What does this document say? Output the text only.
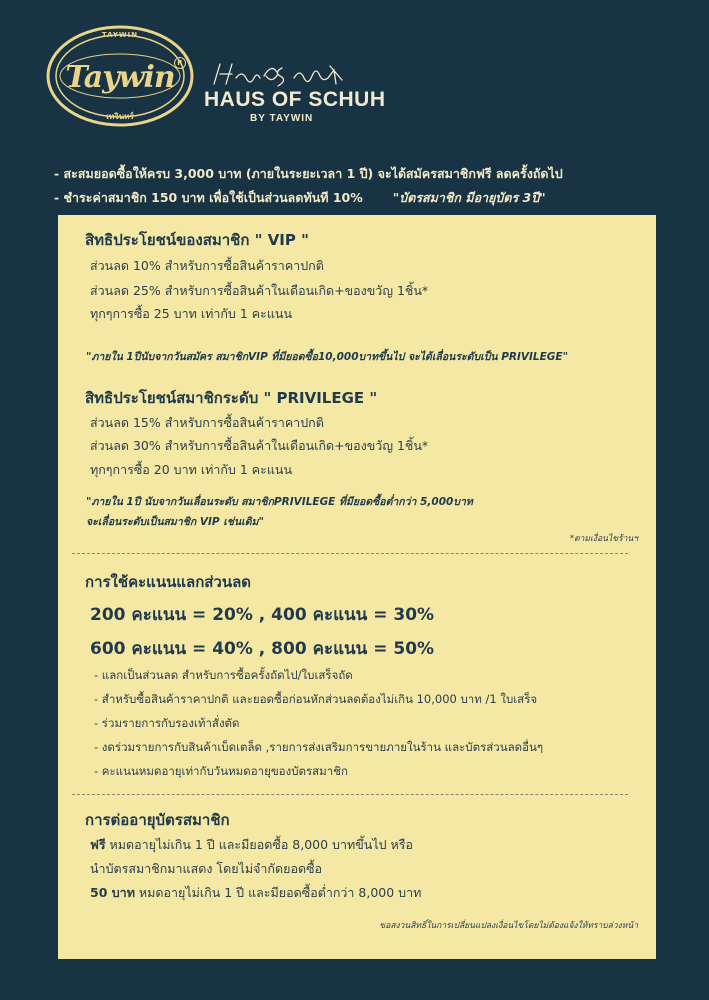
TAYWIN
Taywin R
เทวินทร์
HAUS OF SCHUH
BY TAYWIN
- สะสมยอดซื้อให้ครบ 3,000 บาท (ภายในระยะเวลา 1 ปี) จะได้สมัครสมาชิกฟรี ลดครั้งถัดไป
- ชำระค่าสมาชิก 150 บาท เพื่อใช้เป็นส่วนลดทันที 10% "บัตรสมาชิก มีอายุบัตร 3ปี"
สิทธิประโยชน์ของสมาชิก " VIP "
ส่วนลด 10% สำหรับการซื้อสินค้าราคาปกติ
ส่วนลด 25% สำหรับการซื้อสินค้าในเดือนเกิด+ของขวัญ 1ชิ้น*
ทุกๆการซื้อ 25 บาท เท่ากับ 1 คะแนน
"ภายใน 1ปีนับจากวันสมัคร สมาชิกVIP ที่มียอดซื้อ10,000บาทขึ้นไป จะได้เลื่อนระดับเป็น PRIVILEGE"
สิทธิประโยชน์สมาชิกระดับ " PRIVILEGE "
ส่วนลด 15% สำหรับการซื้อสินค้าราคาปกติ
ส่วนลด 30% สำหรับการซื้อสินค้าในเดือนเกิด+ของขวัญ 1ชิ้น*
ทุกๆการซื้อ 20 บาท เท่ากับ 1 คะแนน
"ภายใน 1ปี นับจากวันเลื่อนระดับ สมาชิกPRIVILEGE ที่มียอดซื้อต่ำกว่า 5,000บาท
จะเลื่อนระดับเป็นสมาชิก VIP เช่นเดิม"
*ตามเงื่อนไขร้านฯ
การใช้คะแนนแลกส่วนลด
200 คะแนน = 20% , 400 คะแนน = 30%
600 คะแนน = 40% , 800 คะแนน = 50%
- แลกเป็นส่วนลด สำหรับการซื้อครั้งถัดไป/ใบเสร็จถัด
- สำหรับซื้อสินค้าราคาปกติ และยอดซื้อก่อนหักส่วนลดต้องไม่เกิน 10,000 บาท /1 ใบเสร็จ
- ร่วมรายการกับรองเท้าสั่งตัด
- งดร่วมรายการกับสินค้าเบ็ดเตล็ด ,รายการส่งเสริมการขายภายในร้าน และบัตรส่วนลดอื่นๆ
- คะแนนหมดอายุเท่ากับวันหมดอายุของบัตรสมาชิก
การต่ออายุบัตรสมาชิก
ฟรี หมดอายุไม่เกิน 1 ปี และมียอดซื้อ 8,000 บาทขึ้นไป หรือ
นำบัตรสมาชิกมาแสดง โดยไม่จำกัดยอดซื้อ
50 บาท หมดอายุไม่เกิน 1 ปี และมียอดซื้อต่ำกว่า 8,000 บาท
ขอสงวนสิทธิ์ในการเปลี่ยนแปลงเงื่อนไขโดยไม่ต้องแจ้งให้ทราบล่วงหน้า
